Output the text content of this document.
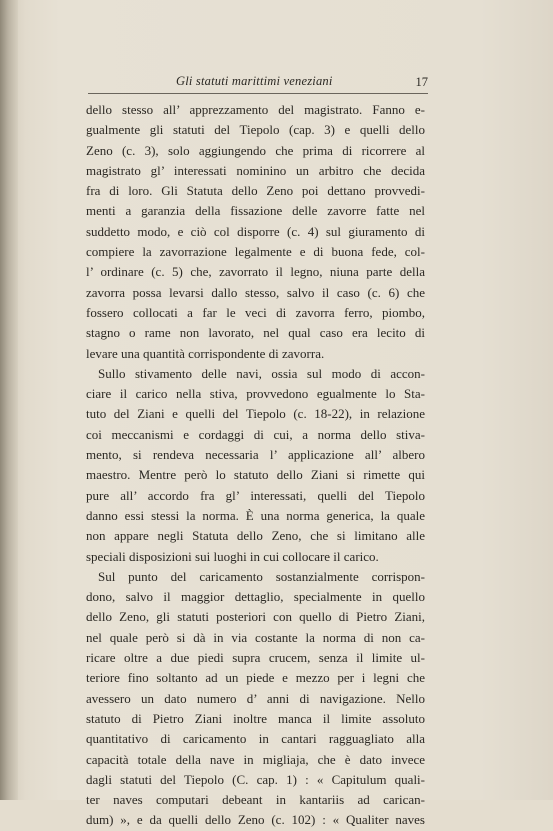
Gli statuti marittimi veneziani	17
dello stesso all’ apprezzamento del magistrato. Fanno e-
gualmente gli statuti del Tiepolo (cap. 3) e quelli dello
Zeno (c. 3), solo aggiungendo che prima di ricorrere al
magistrato gl’ interessati nominino un arbitro che decida
fra di loro. Gli Statuta dello Zeno poi dettano provvedi-
menti a garanzia della fissazione delle zavorre fatte nel
suddetto modo, e ciò col disporre (c. 4) sul giuramento di
compiere la zavorrazione legalmente e di buona fede, col-
l’ ordinare (c. 5) che, zavorrato il legno, niuna parte della
zavorra possa levarsi dallo stesso, salvo il caso (c. 6) che
fossero collocati a far le veci di zavorra ferro, piombo,
stagno o rame non lavorato, nel qual caso era lecito di
levare una quantità corrispondente di zavorra.
Sullo stivamento delle navi, ossia sul modo di accon-
ciare il carico nella stiva, provvedono egualmente lo Sta-
tuto del Ziani e quelli del Tiepolo (c. 18-22), in relazione
coi meccanismi e cordaggi di cui, a norma dello stiva-
mento, si rendeva necessaria l’ applicazione all’ albero
maestro. Mentre però lo statuto dello Ziani si rimette qui
pure all’ accordo fra gl’ interessati, quelli del Tiepolo
danno essi stessi la norma. È una norma generica, la quale
non appare negli Statuta dello Zeno, che si limitano alle
speciali disposizioni sui luoghi in cui collocare il carico.
Sul punto del caricamento sostanzialmente corrispon-
dono, salvo il maggior dettaglio, specialmente in quello
dello Zeno, gli statuti posteriori con quello di Pietro Ziani,
nel quale però si dà in via costante la norma di non ca-
ricare oltre a due piedi supra crucem, senza il limite ul-
teriore fino soltanto ad un piede e mezzo per i legni che
avessero un dato numero d’ anni di navigazione. Nello
statuto di Pietro Ziani inoltre manca il limite assoluto
quantitativo di caricamento in cantari ragguagliato alla
capacità totale della nave in migliaja, che è dato invece
dagli statuti del Tiepolo (C. cap. 1) : « Capitulum quali-
ter naves computari debeant in kantariis ad carican-
dum) », e da quelli dello Zeno (c. 102) : « Qualiter naves
